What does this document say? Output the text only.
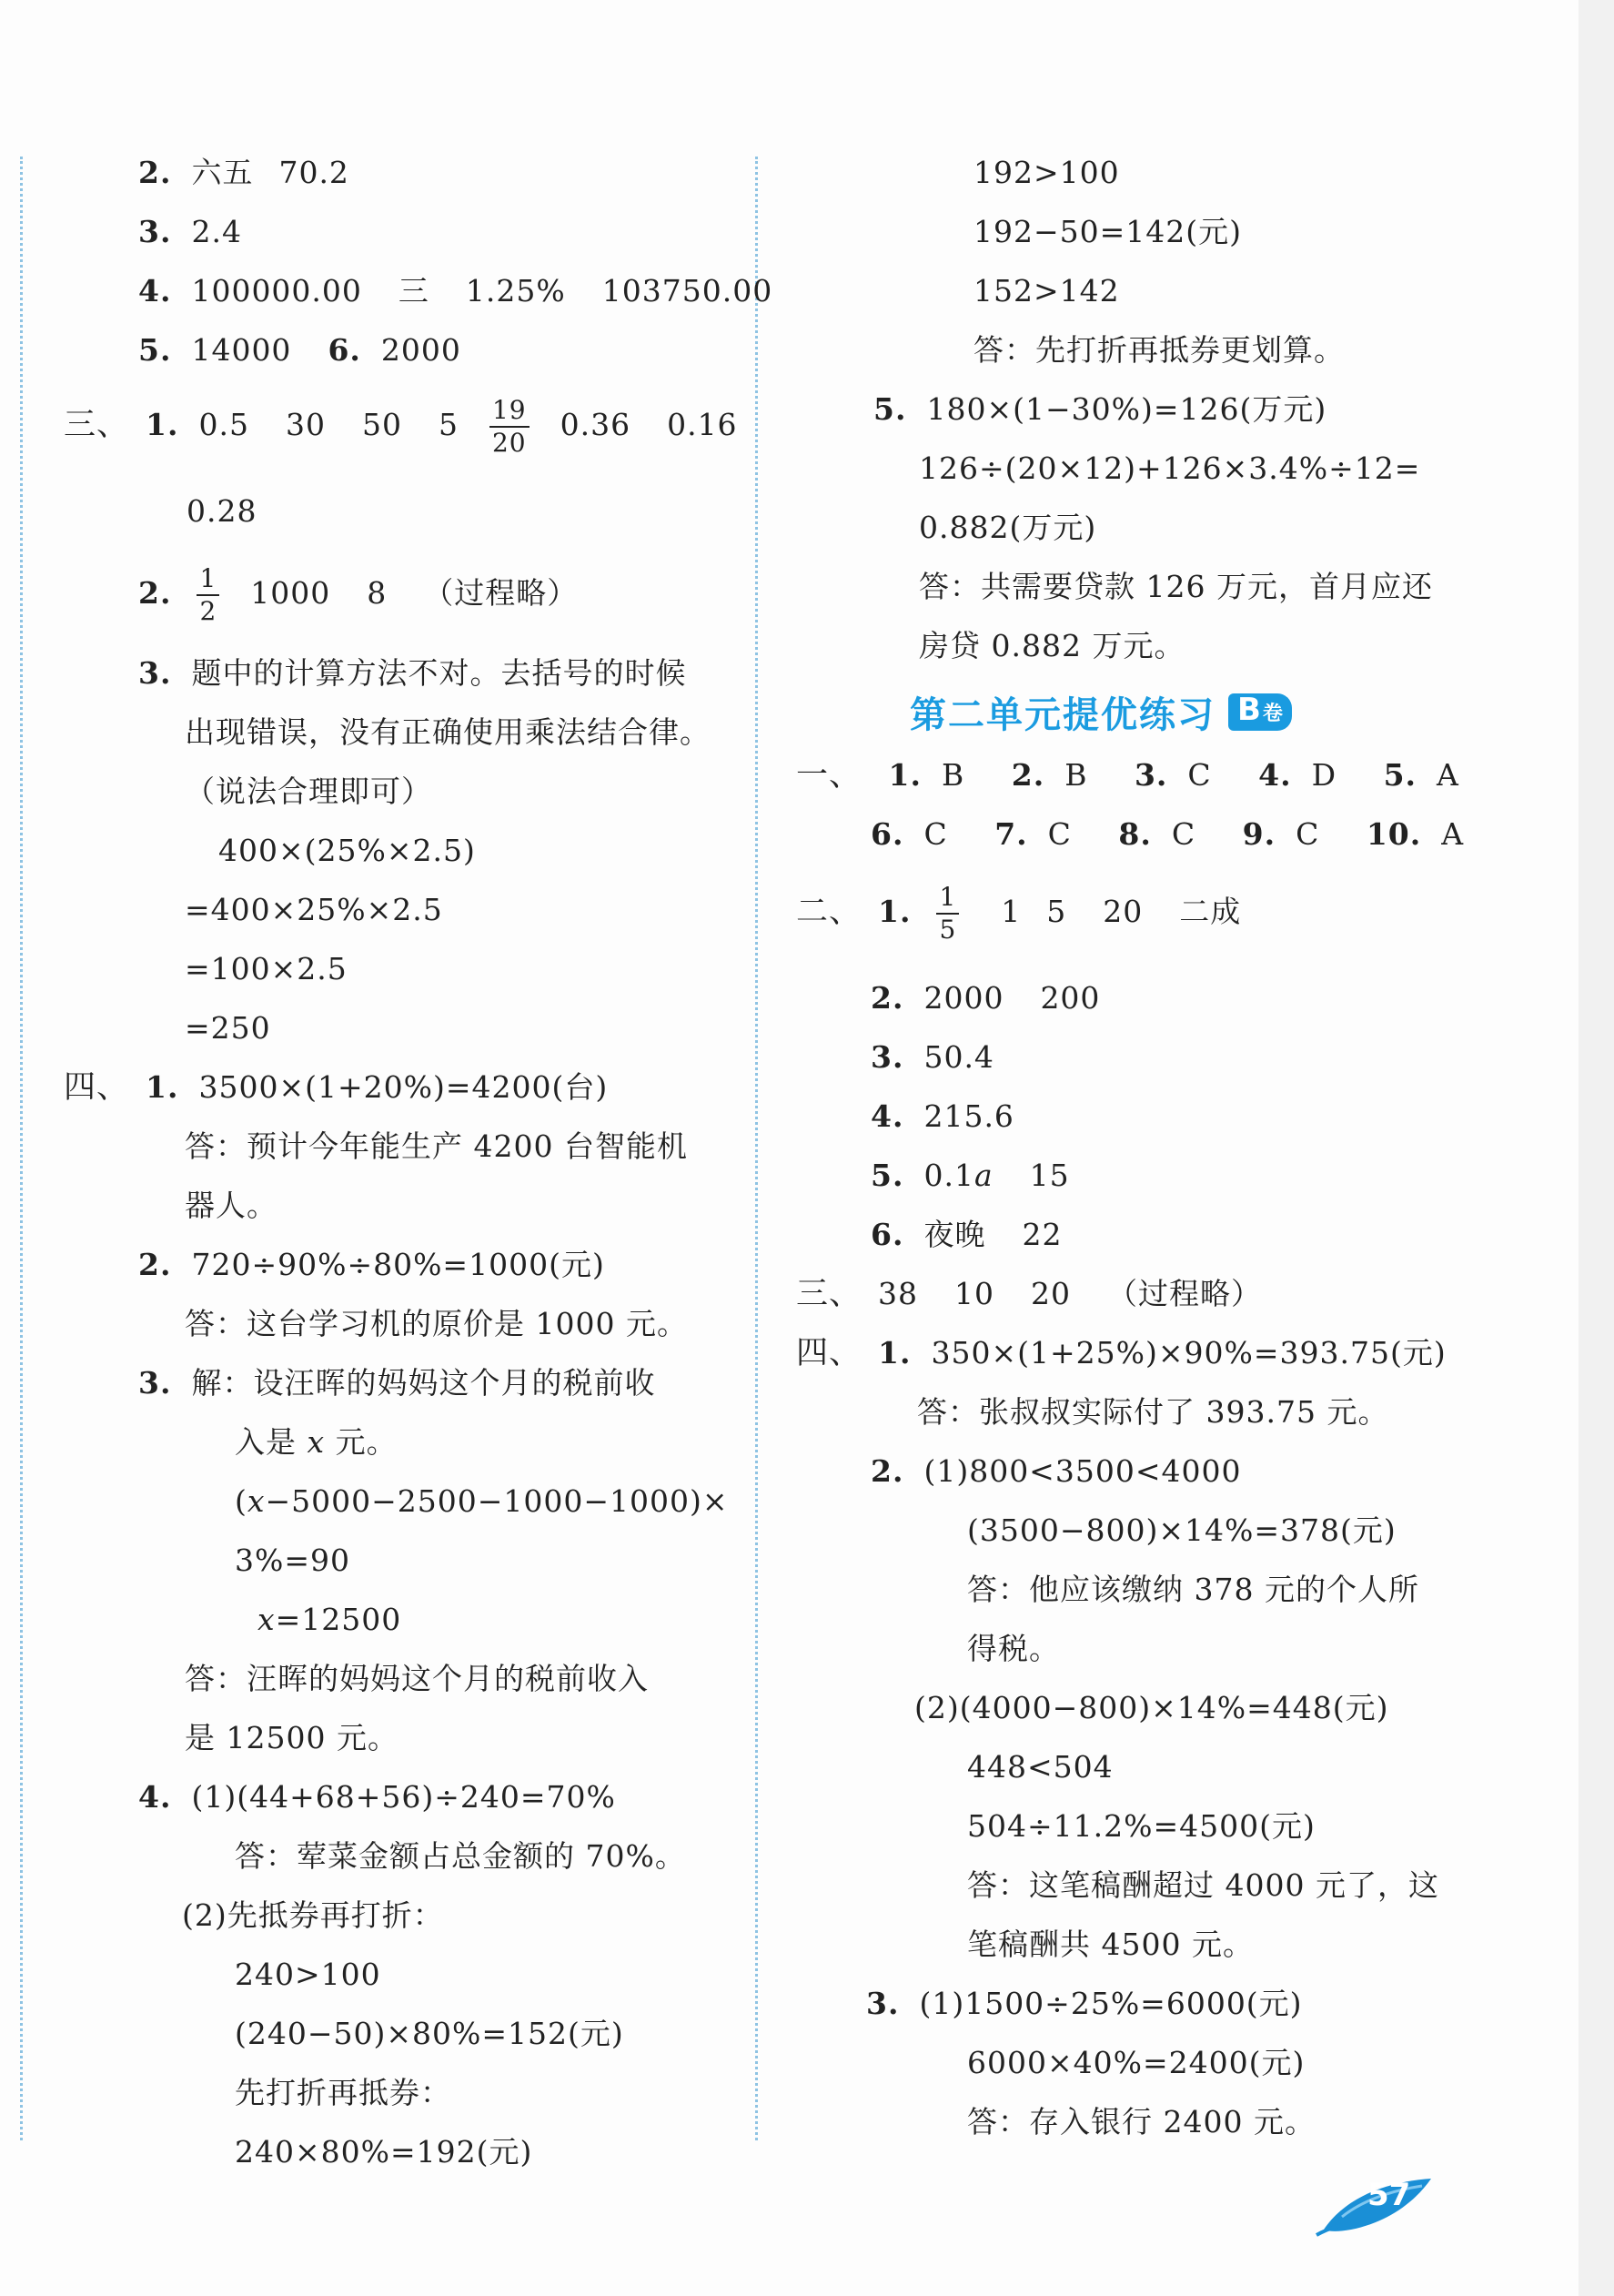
2. 六五 70.2
3. 2.4
4. 100000.00 三 1.25% 103750.00
5. 14000 6. 2000
三、 1. 0.5 30 50 $5 \frac{19}{20} 0.36$ 0.16
0.28
2. $\frac{1}{2} 1000$ 8 （过程略）
3. 题中的计算方法不对。去括号的时候
出现错误，没有正确使用乘法结合律。
（说法合理即可）
400×(25%×2.5)
=400×25%×2.5
=100×2.5
=250
四、 1. 3500×(1+20%)=4200(台)
答：预计今年能生产 4200 台智能机
器人。
2. 720÷90%÷80%=1000(元)
答：这台学习机的原价是 1000 元。
3. 解：设汪晖的妈妈这个月的税前收
入是 x 元。
(x−5000−2500−1000−1000)×
3%=90
x=12500
答：汪晖的妈妈这个月的税前收入
是 12500 元。
4. (1)(44+68+56)÷240=70%
答：荤菜金额占总金额的 70%。
(2)先抵券再打折：
240>100
(240−50)×80%=152(元)
先打折再抵券：
240×80%=192(元)
192>100
192−50=142(元)
152>142
答：先打折再抵券更划算。
5. 180×(1−30%)=126(万元)
126÷(20×12)+126×3.4%÷12=
0.882(万元)
答：共需要贷款 126 万元，首月应还
房贷 0.882 万元。
第二单元提优练习 B卷
一、 1. B 2. B 3. C 4. D 5. A
6. C 7. C 8. C 9. C 10. A
二、 1. $\frac{1}{5} 1$ 5 20 二成
2. 2000 200
3. 50.4
4. 215.6
5. 0.1a 15
6. 夜晚 22
三、 38 10 20 （过程略）
四、 1. 350×(1+25%)×90%=393.75(元)
答：张叔叔实际付了 393.75 元。
2. (1)800<3500<4000
(3500−800)×14%=378(元)
答：他应该缴纳 378 元的个人所
得税。
(2)(4000−800)×14%=448(元)
448<504
504÷11.2%=4500(元)
答：这笔稿酬超过 4000 元了，这
笔稿酬共 4500 元。
3. (1)1500÷25%=6000(元)
6000×40%=2400(元)
答：存入银行 2400 元。
57
